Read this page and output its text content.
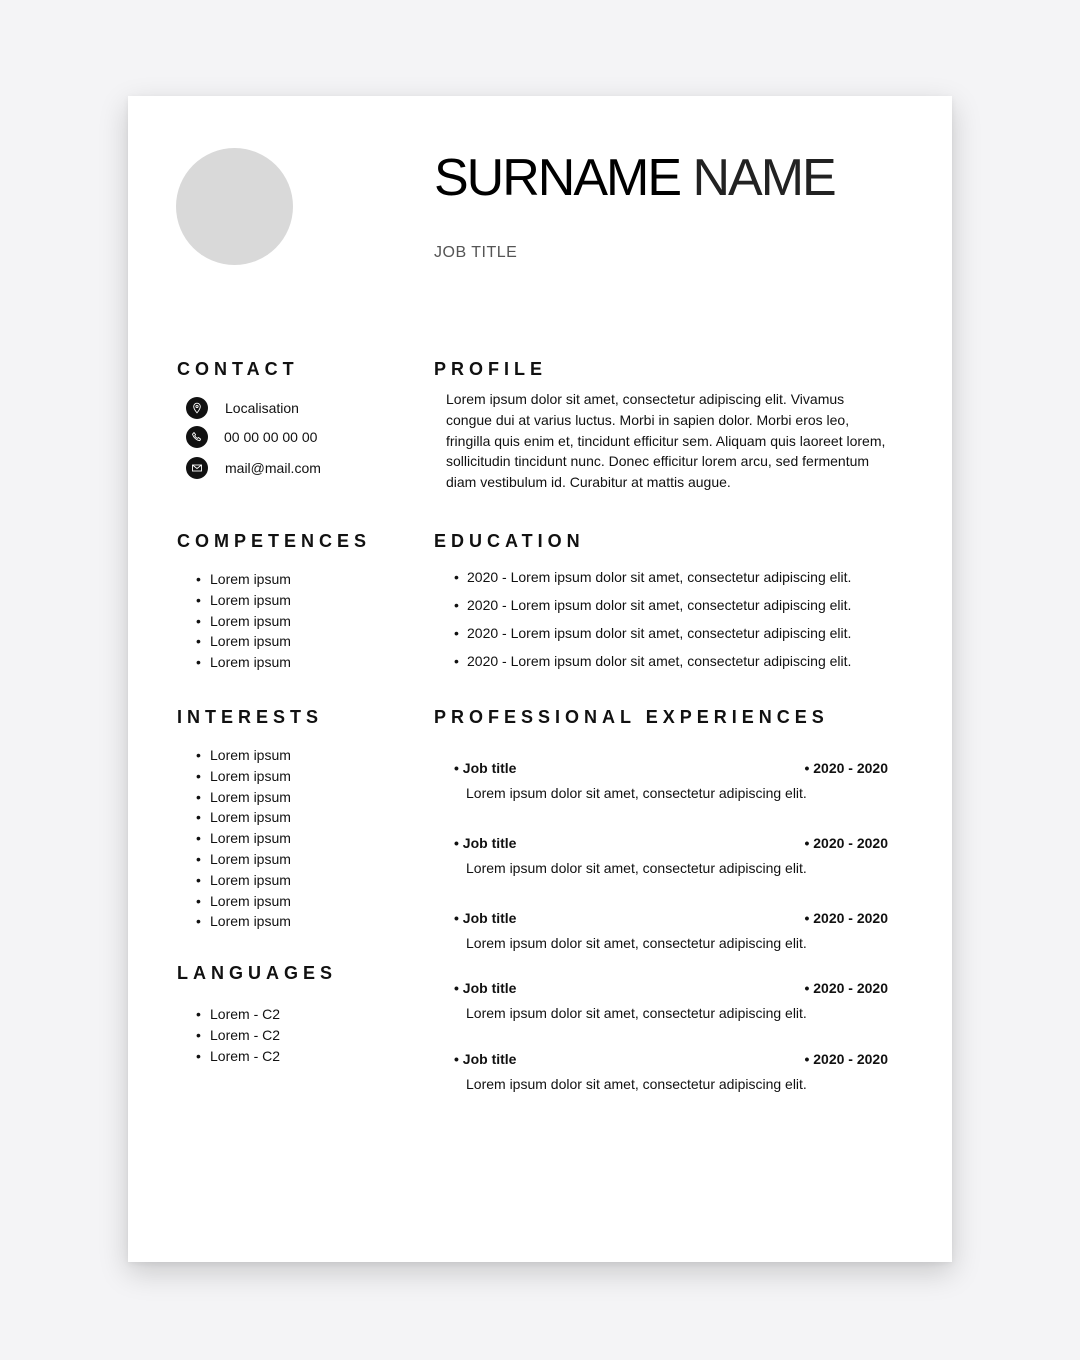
SURNAME NAME
JOB TITLE
CONTACT
Localisation
00 00 00 00 00
mail@mail.com
COMPETENCES
• Lorem ipsum
• Lorem ipsum
• Lorem ipsum
• Lorem ipsum
• Lorem ipsum
INTERESTS
• Lorem ipsum
• Lorem ipsum
• Lorem ipsum
• Lorem ipsum
• Lorem ipsum
• Lorem ipsum
• Lorem ipsum
• Lorem ipsum
• Lorem ipsum
LANGUAGES
• Lorem - C2
• Lorem - C2
• Lorem - C2
PROFILE

Lorem ipsum dolor sit amet, consectetur adipiscing elit. Vivamus congue dui at varius luctus. Morbi in sapien dolor. Morbi eros leo, fringilla quis enim et, tincidunt efficitur sem. Aliquam quis laoreet lorem, sollicitudin tincidunt nunc. Donec efficitur lorem arcu, sed fermentum diam vestibulum id. Curabitur at mattis augue.

EDUCATION
• 2020 - Lorem ipsum dolor sit amet, consectetur adipiscing elit.
• 2020 - Lorem ipsum dolor sit amet, consectetur adipiscing elit.
• 2020 - Lorem ipsum dolor sit amet, consectetur adipiscing elit.
• 2020 - Lorem ipsum dolor sit amet, consectetur adipiscing elit.
PROFESSIONAL EXPERIENCES
• Job title	• 2020 - 2020
Lorem ipsum dolor sit amet, consectetur adipiscing elit.
• Job title	• 2020 - 2020
Lorem ipsum dolor sit amet, consectetur adipiscing elit.
• Job title	• 2020 - 2020
Lorem ipsum dolor sit amet, consectetur adipiscing elit.
• Job title	• 2020 - 2020
Lorem ipsum dolor sit amet, consectetur adipiscing elit.
• Job title	• 2020 - 2020
Lorem ipsum dolor sit amet, consectetur adipiscing elit.
